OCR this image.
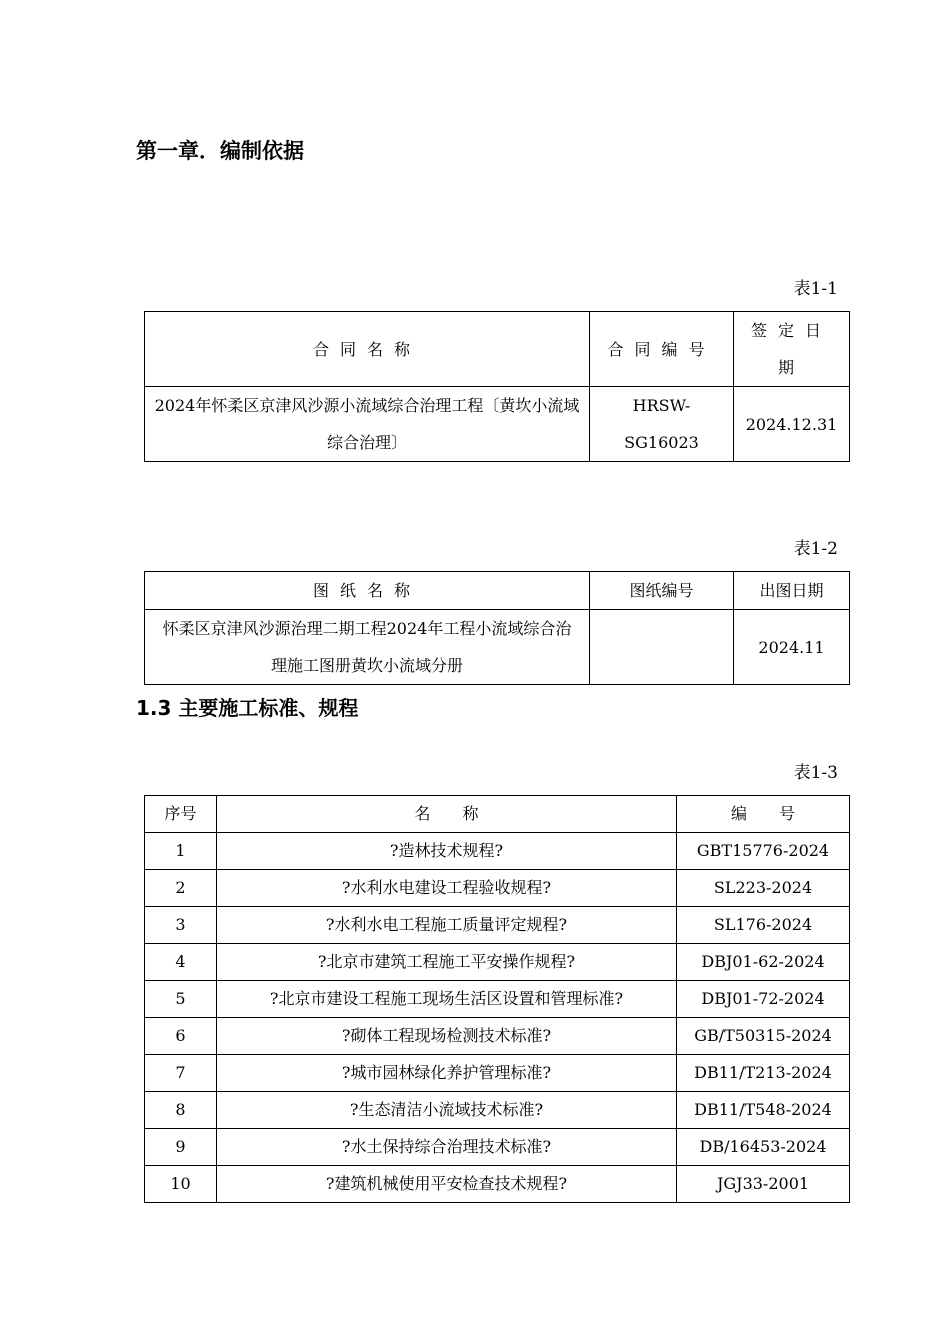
第一章．编制依据
表1-1
合同名称	合同编号	签定日期
2024年怀柔区京津风沙源小流域综合治理工程〔黄坎小流域综合治理〕	HRSW-SG16023	2024.12.31
表1-2
图纸名称	图纸编号	出图日期
怀柔区京津风沙源治理二期工程2024年工程小流域综合治理施工图册黄坎小流域分册		2024.11
1.3 主要施工标准、规程
表1-3
序号	名　　称	编　　号
1	?造林技术规程?	GBT15776-2024
2	?水利水电建设工程验收规程?	SL223-2024
3	?水利水电工程施工质量评定规程?	SL176-2024
4	?北京市建筑工程施工平安操作规程?	DBJ01-62-2024
5	?北京市建设工程施工现场生活区设置和管理标准?	DBJ01-72-2024
6	?砌体工程现场检测技术标准?	GB/T50315-2024
7	?城市园林绿化养护管理标准?	DB11/T213-2024
8	?生态清洁小流域技术标准?	DB11/T548-2024
9	?水土保持综合治理技术标准?	DB/16453-2024
10	?建筑机械使用平安检查技术规程?	JGJ33-2001
